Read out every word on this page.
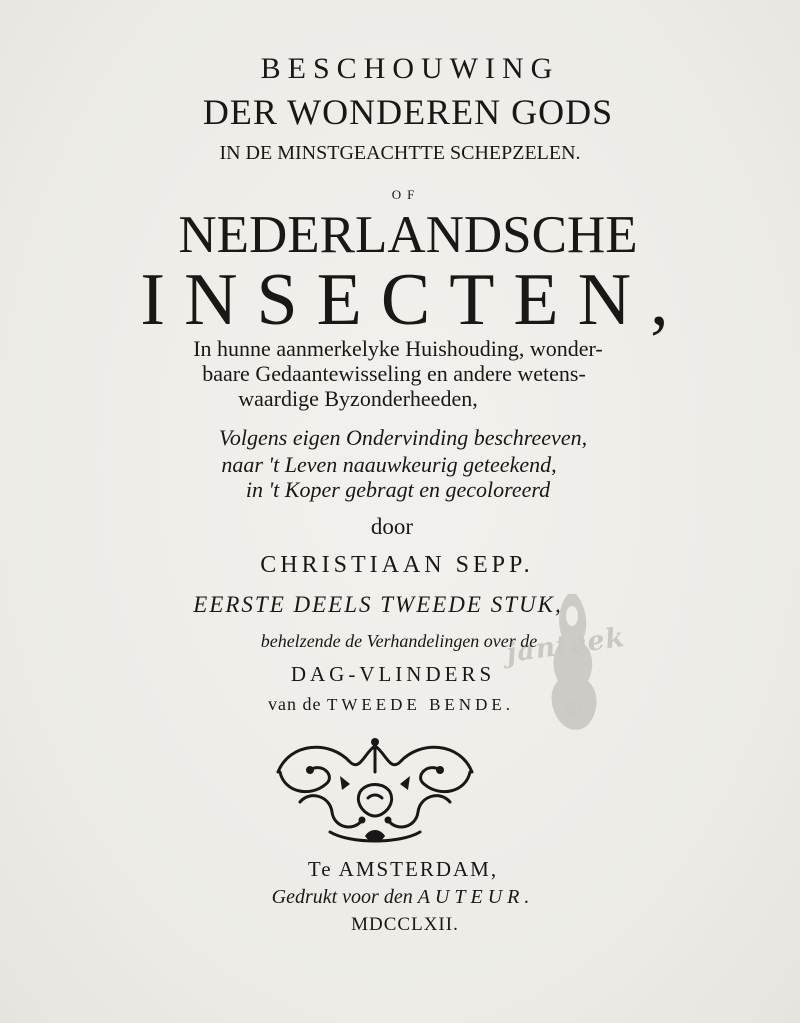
BESCHOUWING
DER WONDEREN GODS
IN DE MINSTGEACHTTE SCHEPZELEN.
OF
NEDERLANDSCHE
INSECTEN,
In hunne aanmerkelyke Huishouding, wonder-
baare Gedaantewisseling en andere wetens-
waardige Byzonderheeden,
Volgens eigen Ondervinding beschreeven,
naar 't Leven naauwkeurig geteekend,
in 't Koper gebragt en gecoloreerd
door
CHRISTIAAN SEPP.
EERSTE DEELS TWEEDE STUK,
behelzende de Verhandelingen over de
DAG-VLINDERS
van de TWEEDE BENDE.
janteek
©
Te AMSTERDAM,
Gedrukt voor den AUTEUR.
MDCCLXII.
